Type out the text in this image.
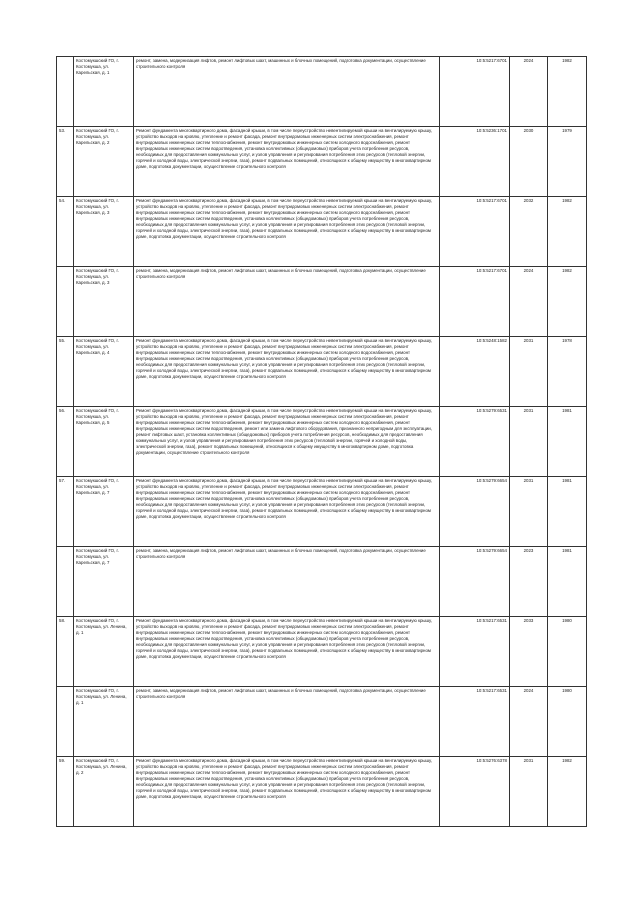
	Костомукшский ГО, г. Костомукша, ул. Карельская, д. 1	ремонт, замена, модернизация лифтов, ремонт лифтовых шахт, машинных и блочных помещений, подготовка документации, осуществление строительного контроля	10:5:5217:6701	2024	1982
53.	Костомукшский ГО, г. Костомукша, ул. Карельская, д. 2	Ремонт фундамента многоквартирного дома, фасадной крыши, в том числе переустройство невентилируемой крыши на вентилируемую крышу, устройство выходов на кровлю, утепление и ремонт фасада, ремонт внутридомовых инженерных систем электроснабжения, ремонт внутридомовых инженерных систем теплоснабжения, ремонт внутридомовых инженерных систем холодного водоснабжения, ремонт внутридомовых инженерных систем водоотведения, установка коллективных (общедомовых) приборов учета потребления ресурсов, необходимых для предоставления коммунальных услуг, и узлов управления и регулирования потребления этих ресурсов (тепловой энергии, горячей и холодной воды, электрической энергии, газа), ремонт подвальных помещений, относящихся к общему имуществу в многоквартирном доме, подготовка документации, осуществление строительного контроля	10:5:5236:1701	2030	1979
54.	Костомукшский ГО, г. Костомукша, ул. Карельская, д. 3	Ремонт фундамента многоквартирного дома, фасадной крыши, в том числе переустройство невентилируемой крыши на вентилируемую крышу, устройство выходов на кровлю, утепление и ремонт фасада, ремонт внутридомовых инженерных систем электроснабжения, ремонт внутридомовых инженерных систем теплоснабжения, ремонт внутридомовых инженерных систем холодного водоснабжения, ремонт внутридомовых инженерных систем водоотведения, установка коллективных (общедомовых) приборов учета потребления ресурсов, необходимых для предоставления коммунальных услуг, и узлов управления и регулирования потребления этих ресурсов (тепловой энергии, горячей и холодной воды, электрической энергии, газа), ремонт подвальных помещений, относящихся к общему имуществу в многоквартирном доме, подготовка документации, осуществление строительного контроля	10:5:5217:6701	2032	1982
	Костомукшский ГО, г. Костомукша, ул. Карельская, д. 3	ремонт, замена, модернизация лифтов, ремонт лифтовых шахт, машинных и блочных помещений, подготовка документации, осуществление строительного контроля	10:5:5217:6701	2024	1982
55.	Костомукшский ГО, г. Костомукша, ул. Карельская, д. 4	Ремонт фундамента многоквартирного дома, фасадной крыши, в том числе переустройство невентилируемой крыши на вентилируемую крышу, устройство выходов на кровлю, утепление и ремонт фасада, ремонт внутридомовых инженерных систем электроснабжения, ремонт внутридомовых инженерных систем теплоснабжения, ремонт внутридомовых инженерных систем холодного водоснабжения, ремонт внутридомовых инженерных систем водоотведения, установка коллективных (общедомовых) приборов учета потребления ресурсов, необходимых для предоставления коммунальных услуг, и узлов управления и регулирования потребления этих ресурсов (тепловой энергии, горячей и холодной воды, электрической энергии, газа), ремонт подвальных помещений, относящихся к общему имуществу в многоквартирном доме, подготовка документации, осуществление строительного контроля	10:5:5248:1582	2031	1978
56.	Костомукшский ГО, г. Костомукша, ул. Карельская, д. 5	Ремонт фундамента многоквартирного дома, фасадной крыши, в том числе переустройство невентилируемой крыши на вентилируемую крышу, устройство выходов на кровлю, утепление и ремонт фасада, ремонт внутридомовых инженерных систем электроснабжения, ремонт внутридомовых инженерных систем теплоснабжения, ремонт внутридомовых инженерных систем холодного водоснабжения, ремонт внутридомовых инженерных систем водоотведения, ремонт или замена лифтового оборудования, признанного непригодным для эксплуатации, ремонт лифтовых шахт, установка коллективных (общедомовых) приборов учета потребления ресурсов, необходимых для предоставления коммунальных услуг, и узлов управления и регулирования потребления этих ресурсов (тепловой энергии, горячей и холодной воды, электрической энергии, газа), ремонт подвальных помещений, относящихся к общему имуществу в многоквартирном доме, подготовка документации, осуществление строительного контроля	10:5:5279:6531	2031	1981
57.	Костомукшский ГО, г. Костомукша, ул. Карельская, д. 7	Ремонт фундамента многоквартирного дома, фасадной крыши, в том числе переустройство невентилируемой крыши на вентилируемую крышу, устройство выходов на кровлю, утепление и ремонт фасада, ремонт внутридомовых инженерных систем электроснабжения, ремонт внутридомовых инженерных систем теплоснабжения, ремонт внутридомовых инженерных систем холодного водоснабжения, ремонт внутридомовых инженерных систем водоотведения, установка коллективных (общедомовых) приборов учета потребления ресурсов, необходимых для предоставления коммунальных услуг, и узлов управления и регулирования потребления этих ресурсов (тепловой энергии, горячей и холодной воды, электрической энергии, газа), ремонт подвальных помещений, относящихся к общему имуществу в многоквартирном доме, подготовка документации, осуществление строительного контроля	10:5:5279:6654	2031	1981
	Костомукшский ГО, г. Костомукша, ул. Карельская, д. 7	ремонт, замена, модернизация лифтов, ремонт лифтовых шахт, машинных и блочных помещений, подготовка документации, осуществление строительного контроля	10:5:5279:6654	2023	1981
58.	Костомукшский ГО, г. Костомукша, ул. Ленина, д. 1	Ремонт фундамента многоквартирного дома, фасадной крыши, в том числе переустройство невентилируемой крыши на вентилируемую крышу, устройство выходов на кровлю, утепление и ремонт фасада, ремонт внутридомовых инженерных систем электроснабжения, ремонт внутридомовых инженерных систем теплоснабжения, ремонт внутридомовых инженерных систем холодного водоснабжения, ремонт внутридомовых инженерных систем водоотведения, установка коллективных (общедомовых) приборов учета потребления ресурсов, необходимых для предоставления коммунальных услуг, и узлов управления и регулирования потребления этих ресурсов (тепловой энергии, горячей и холодной воды, электрической энергии, газа), ремонт подвальных помещений, относящихся к общему имуществу в многоквартирном доме, подготовка документации, осуществление строительного контроля	10:5:5217:6531	2033	1980
	Костомукшский ГО, г. Костомукша, ул. Ленина, д. 1	ремонт, замена, модернизация лифтов, ремонт лифтовых шахт, машинных и блочных помещений, подготовка документации, осуществление строительного контроля	10:5:5217:6531	2024	1980
59.	Костомукшский ГО, г. Костомукша, ул. Ленина, д. 2	Ремонт фундамента многоквартирного дома, фасадной крыши, в том числе переустройство невентилируемой крыши на вентилируемую крышу, устройство выходов на кровлю, утепление и ремонт фасада, ремонт внутридомовых инженерных систем электроснабжения, ремонт внутридомовых инженерных систем теплоснабжения, ремонт внутридомовых инженерных систем холодного водоснабжения, ремонт внутридомовых инженерных систем водоотведения, установка коллективных (общедомовых) приборов учета потребления ресурсов, необходимых для предоставления коммунальных услуг, и узлов управления и регулирования потребления этих ресурсов (тепловой энергии, горячей и холодной воды, электрической энергии, газа), ремонт подвальных помещений, относящихся к общему имуществу в многоквартирном доме, подготовка документации, осуществление строительного контроля	10:5:5276:6378	2031	1982
